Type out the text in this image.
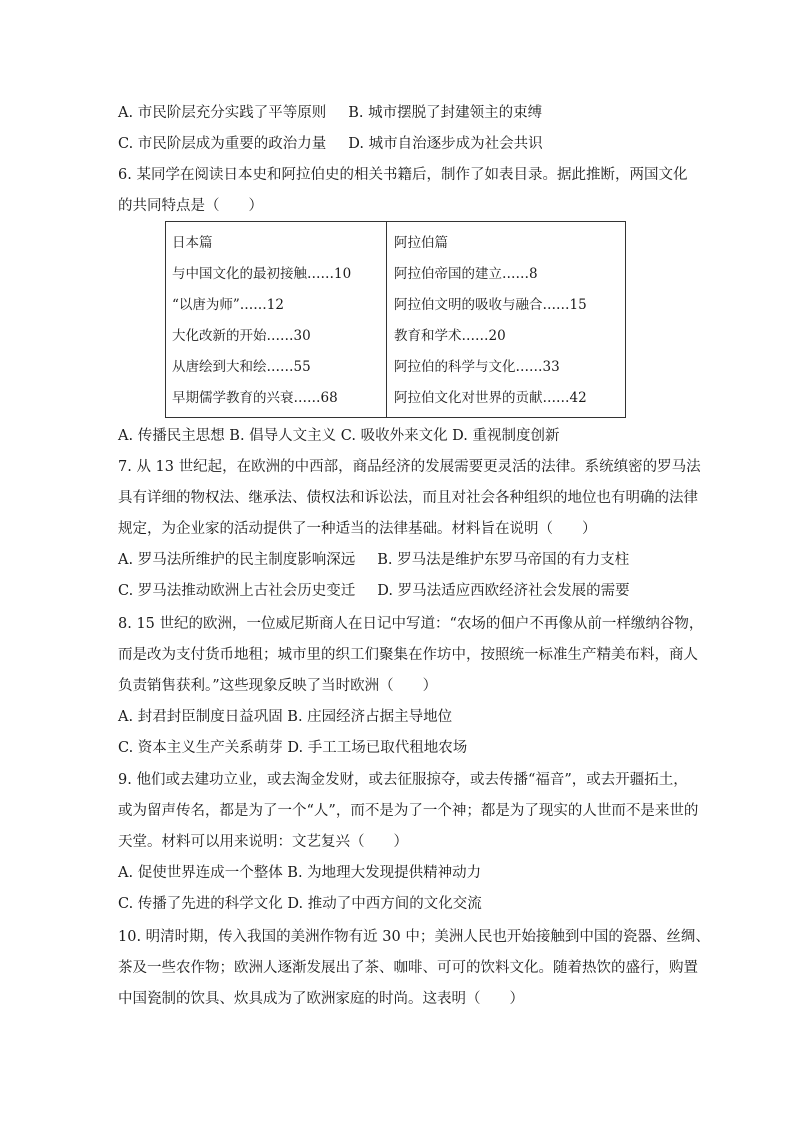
A. 市民阶层充分实践了平等原则 B. 城市摆脱了封建领主的束缚
C. 市民阶层成为重要的政治力量 D. 城市自治逐步成为社会共识
6. 某同学在阅读日本史和阿拉伯史的相关书籍后，制作了如表目录。据此推断，两国文化
的共同特点是（　　）
日本篇
与中国文化的最初接触……10
“以唐为师”……12
大化改新的开始……30
从唐绘到大和绘……55
早期儒学教育的兴衰……68
阿拉伯篇
阿拉伯帝国的建立……8
阿拉伯文明的吸收与融合……15
教育和学术……20
阿拉伯的科学与文化……33
阿拉伯文化对世界的贡献……42
A. 传播民主思想 B. 倡导人文主义 C. 吸收外来文化 D. 重视制度创新
7. 从 13 世纪起，在欧洲的中西部，商品经济的发展需要更灵活的法律。系统缜密的罗马法
具有详细的物权法、继承法、债权法和诉讼法，而且对社会各种组织的地位也有明确的法律
规定，为企业家的活动提供了一种适当的法律基础。材料旨在说明（　　）
A. 罗马法所维护的民主制度影响深远 B. 罗马法是维护东罗马帝国的有力支柱
C. 罗马法推动欧洲上古社会历史变迁 D. 罗马法适应西欧经济社会发展的需要
8. 15 世纪的欧洲，一位威尼斯商人在日记中写道：“农场的佃户不再像从前一样缴纳谷物，
而是改为支付货币地租；城市里的织工们聚集在作坊中，按照统一标准生产精美布料，商人
负责销售获利。”这些现象反映了当时欧洲（　　）
A. 封君封臣制度日益巩固 B. 庄园经济占据主导地位
C. 资本主义生产关系萌芽 D. 手工工场已取代租地农场
9. 他们或去建功立业，或去淘金发财，或去征服掠夺，或去传播“福音”，或去开疆拓土，
或为留声传名，都是为了一个“人”，而不是为了一个神；都是为了现实的人世而不是来世的
天堂。材料可以用来说明：文艺复兴（　　）
A. 促使世界连成一个整体 B. 为地理大发现提供精神动力
C. 传播了先进的科学文化 D. 推动了中西方间的文化交流
10. 明清时期，传入我国的美洲作物有近 30 中；美洲人民也开始接触到中国的瓷器、丝绸、
茶及一些农作物；欧洲人逐渐发展出了茶、咖啡、可可的饮料文化。随着热饮的盛行，购置
中国瓷制的饮具、炊具成为了欧洲家庭的时尚。这表明（　　）
